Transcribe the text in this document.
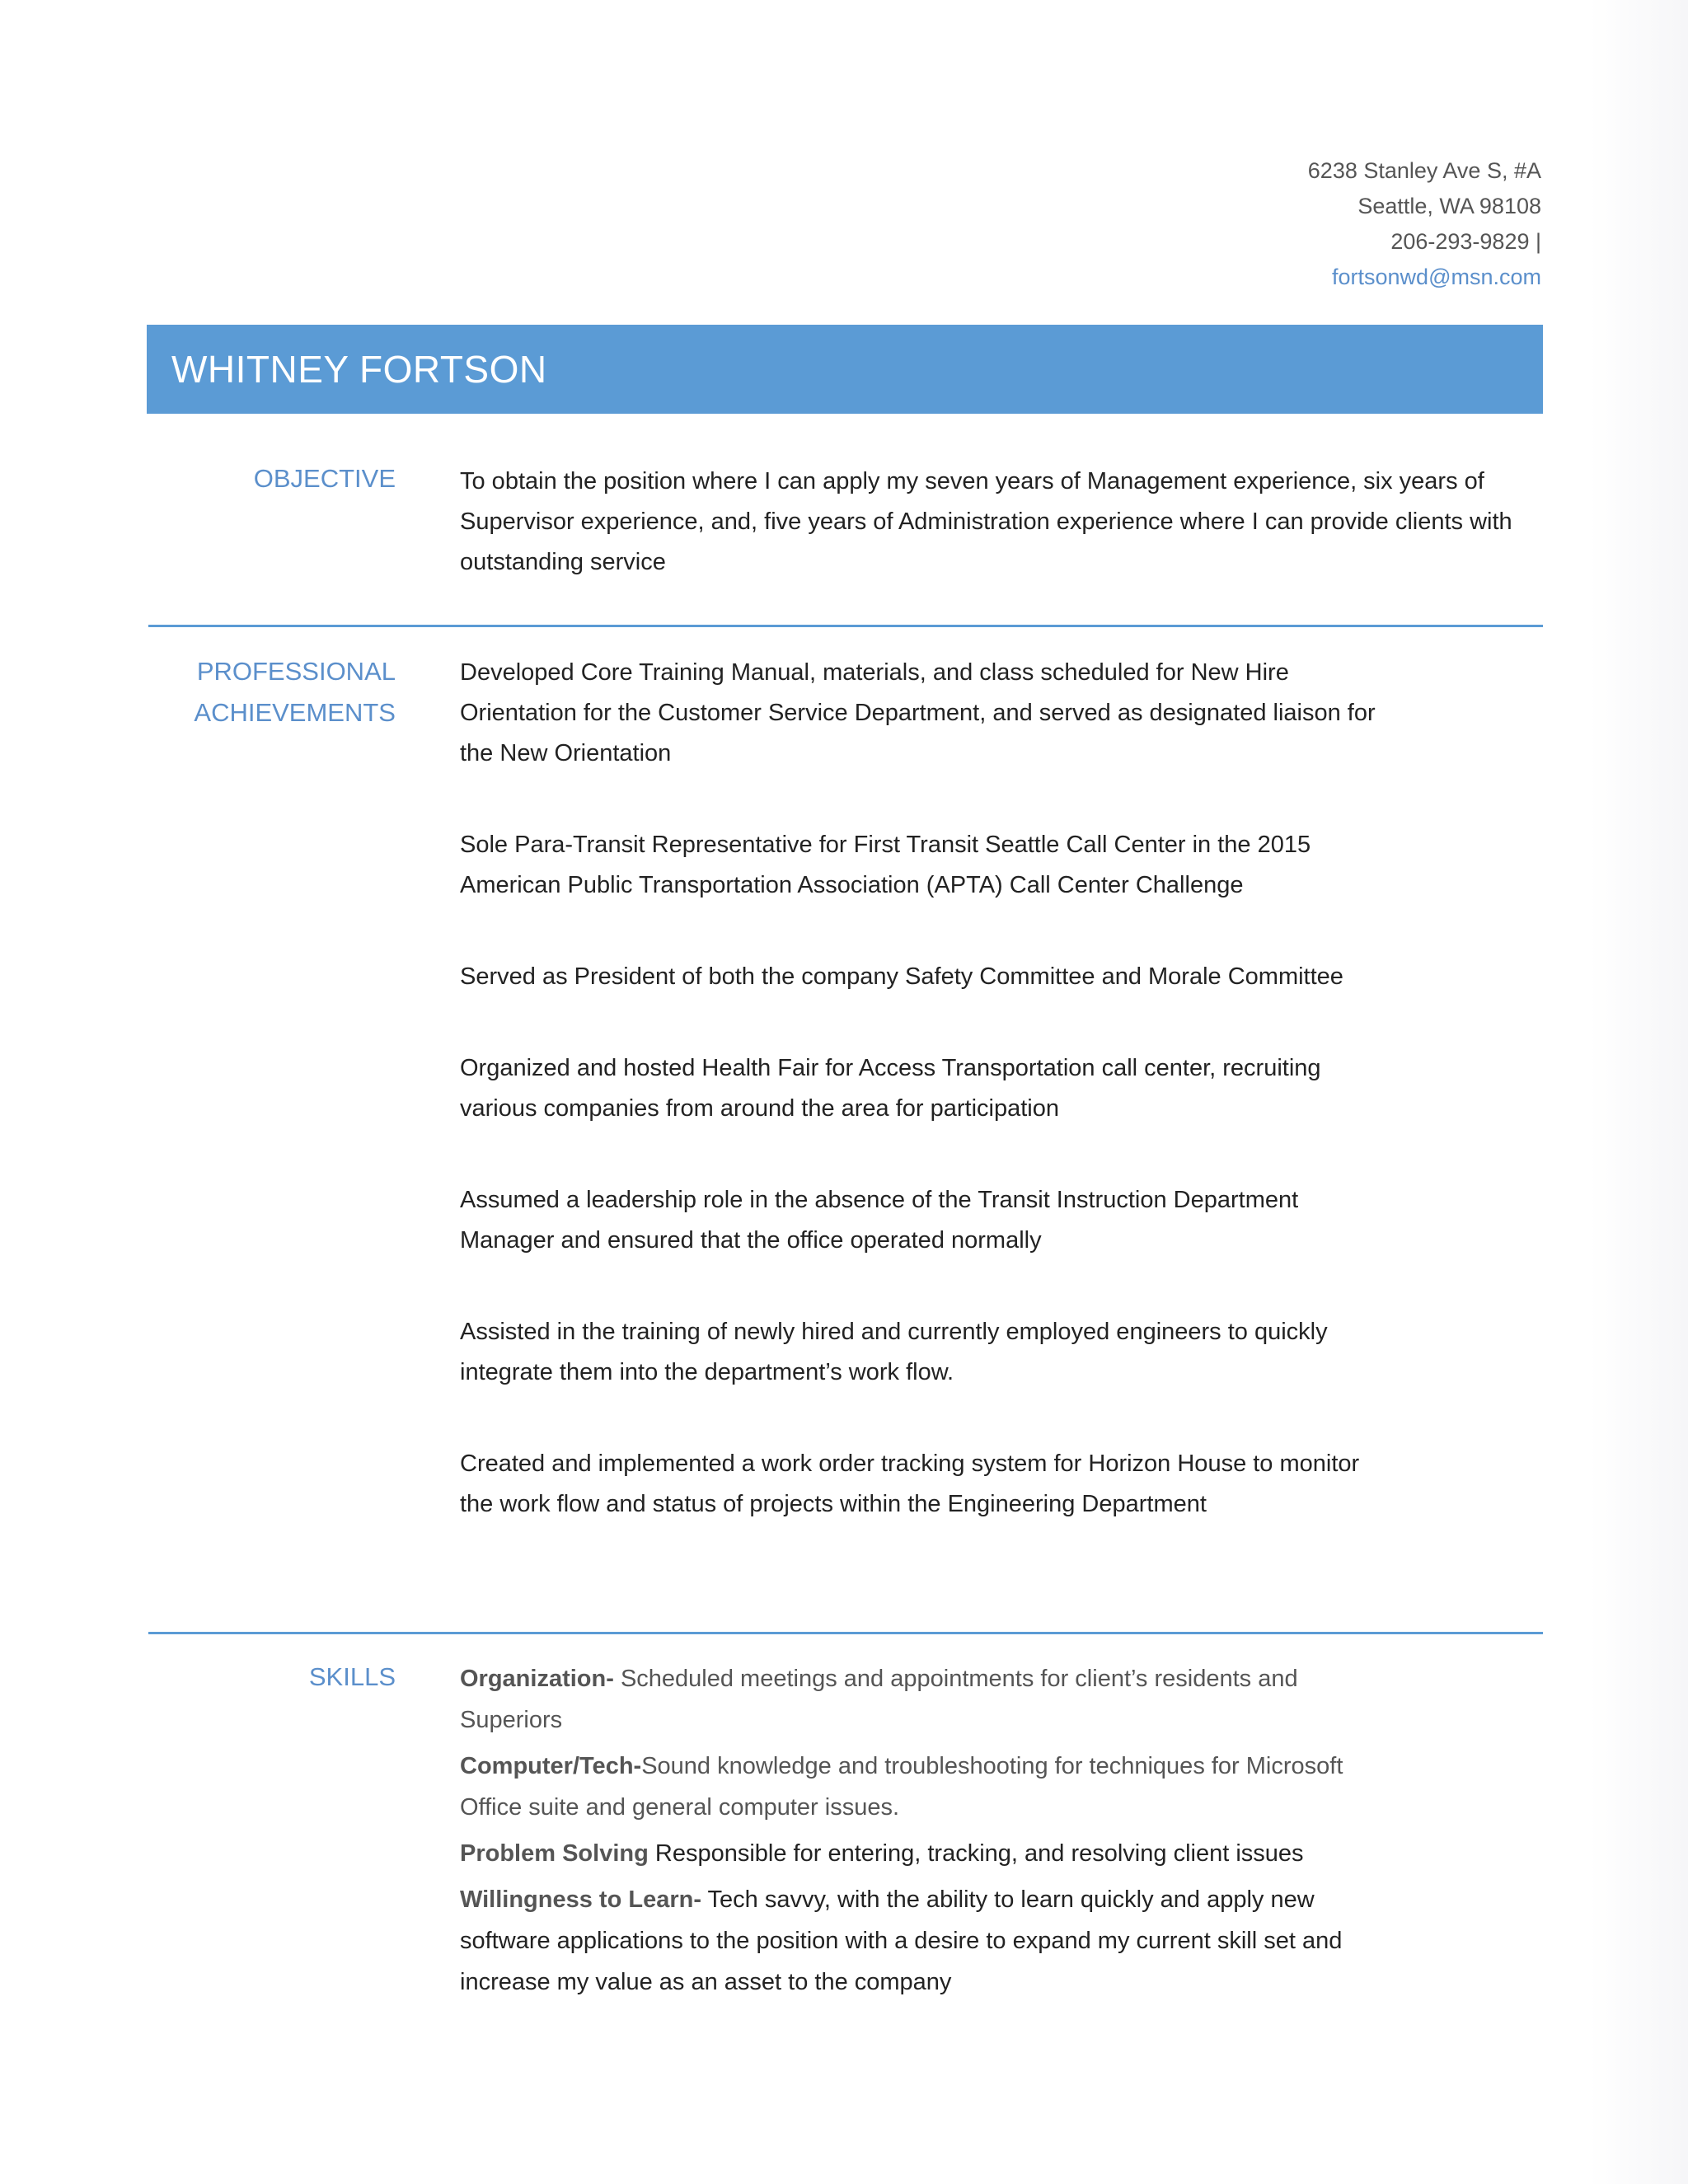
6238 Stanley Ave S, #A
Seattle, WA 98108
206-293-9829 |
fortsonwd@msn.com
WHITNEY FORTSON
OBJECTIVE	To obtain the position where I can apply my seven years of Management experience, six years of Supervisor experience, and, five years of Administration experience where I can provide clients with outstanding service
PROFESSIONAL
ACHIEVEMENTS
Developed Core Training Manual, materials, and class scheduled for New Hire Orientation for the Customer Service Department, and served as designated liaison for the New Orientation
Sole Para-Transit Representative for First Transit Seattle Call Center in the 2015 American Public Transportation Association (APTA) Call Center Challenge
Served as President of both the company Safety Committee and Morale Committee
Organized and hosted Health Fair for Access Transportation call center, recruiting various companies from around the area for participation
Assumed a leadership role in the absence of the Transit Instruction Department Manager and ensured that the office operated normally
Assisted in the training of newly hired and currently employed engineers to quickly integrate them into the department’s work flow.
Created and implemented a work order tracking system for Horizon House to monitor the work flow and status of projects within the Engineering Department
SKILLS	Organization- Scheduled meetings and appointments for client’s residents and Superiors
Computer/Tech-Sound knowledge and troubleshooting for techniques for Microsoft Office suite and general computer issues.
Problem Solving Responsible for entering, tracking, and resolving client issues
Willingness to Learn- Tech savvy, with the ability to learn quickly and apply new software applications to the position with a desire to expand my current skill set and increase my value as an asset to the company
